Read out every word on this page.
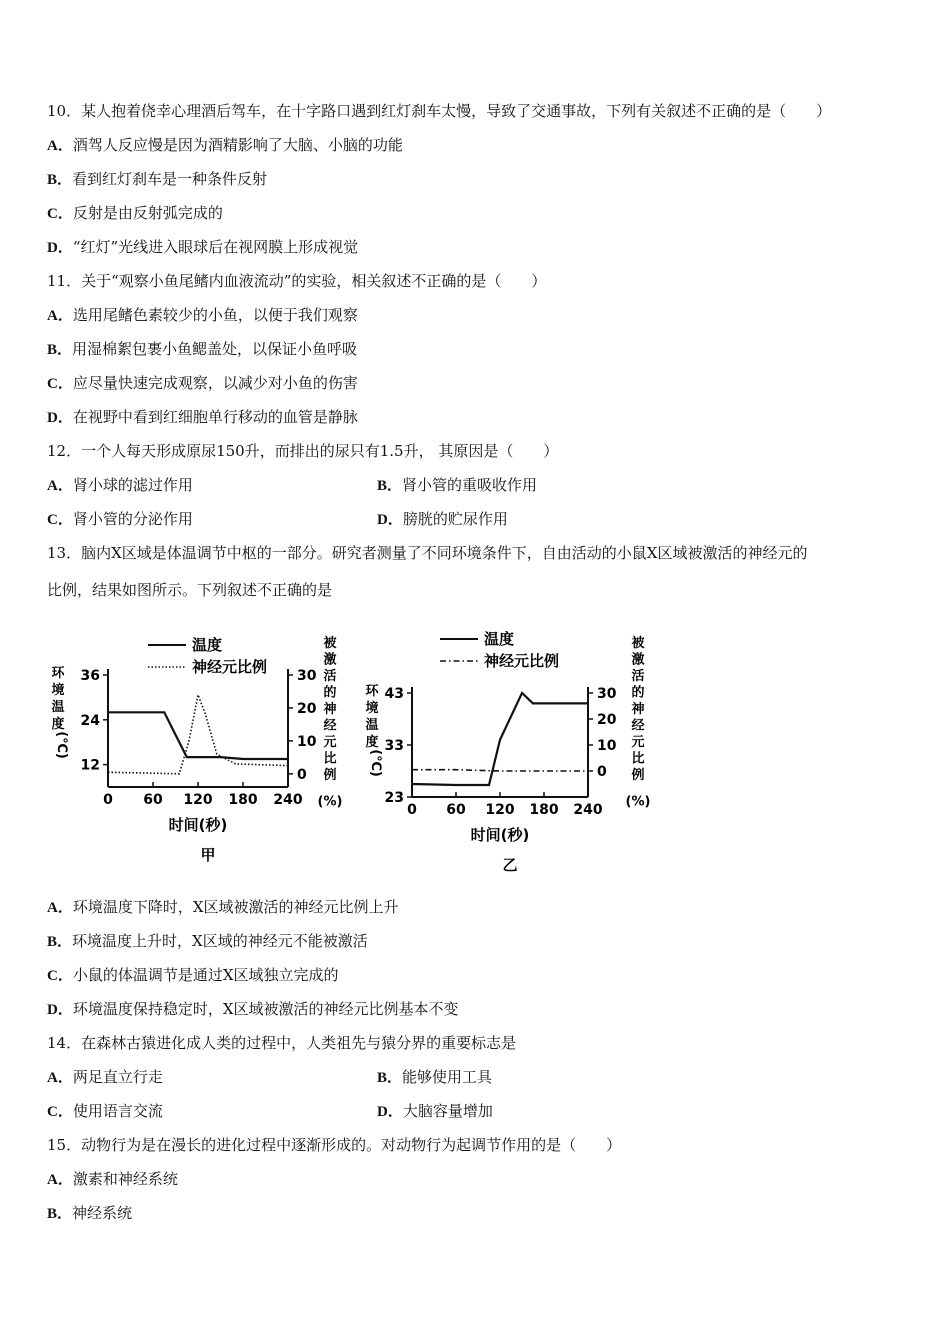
10．某人抱着侥幸心理酒后驾车，在十字路口遇到红灯刹车太慢，导致了交通事故，下列有关叙述不正确的是（　　）
A．酒驾人反应慢是因为酒精影响了大脑、小脑的功能
B．看到红灯刹车是一种条件反射
C．反射是由反射弧完成的
D．“红灯”光线进入眼球后在视网膜上形成视觉
11．关于“观察小鱼尾鳍内血液流动”的实验，相关叙述不正确的是（　　）
A．选用尾鳍色素较少的小鱼，以便于我们观察
B．用湿棉絮包裹小鱼鳃盖处，以保证小鱼呼吸
C．应尽量快速完成观察，以减少对小鱼的伤害
D．在视野中看到红细胞单行移动的血管是静脉
12．一个人每天形成原尿150升，而排出的尿只有1.5升， 其原因是（　　）
A．肾小球的滤过作用	B．肾小管的重吸收作用
C．肾小管的分泌作用	D．膀胱的贮尿作用
13．脑内X区域是体温调节中枢的一部分。研究者测量了不同环境条件下，自由活动的小鼠X区域被激活的神经元的
比例，结果如图所示。下列叙述不正确的是
0 60 120 180 240
12
24
36
0
10
20
30
温度
神经元比例
环
境
温
度
(℃)
被
激
活
的
神
经
元
比
例
(%)
时间(秒)
甲
0 60 120 180 240
23
33
43
0
10
20
30
温度
神经元比例
环
境
温
度
(℃)
被
激
活
的
神
经
元
比
例
(%)
时间(秒)
乙
A．环境温度下降时，X区域被激活的神经元比例上升
B．环境温度上升时，X区域的神经元不能被激活
C．小鼠的体温调节是通过X区域独立完成的
D．环境温度保持稳定时，X区域被激活的神经元比例基本不变
14．在森林古猿进化成人类的过程中，人类祖先与猿分界的重要标志是
A．两足直立行走	B．能够使用工具
C．使用语言交流	D．大脑容量增加
15．动物行为是在漫长的进化过程中逐渐形成的。对动物行为起调节作用的是（　　）
A．激素和神经系统
B．神经系统
